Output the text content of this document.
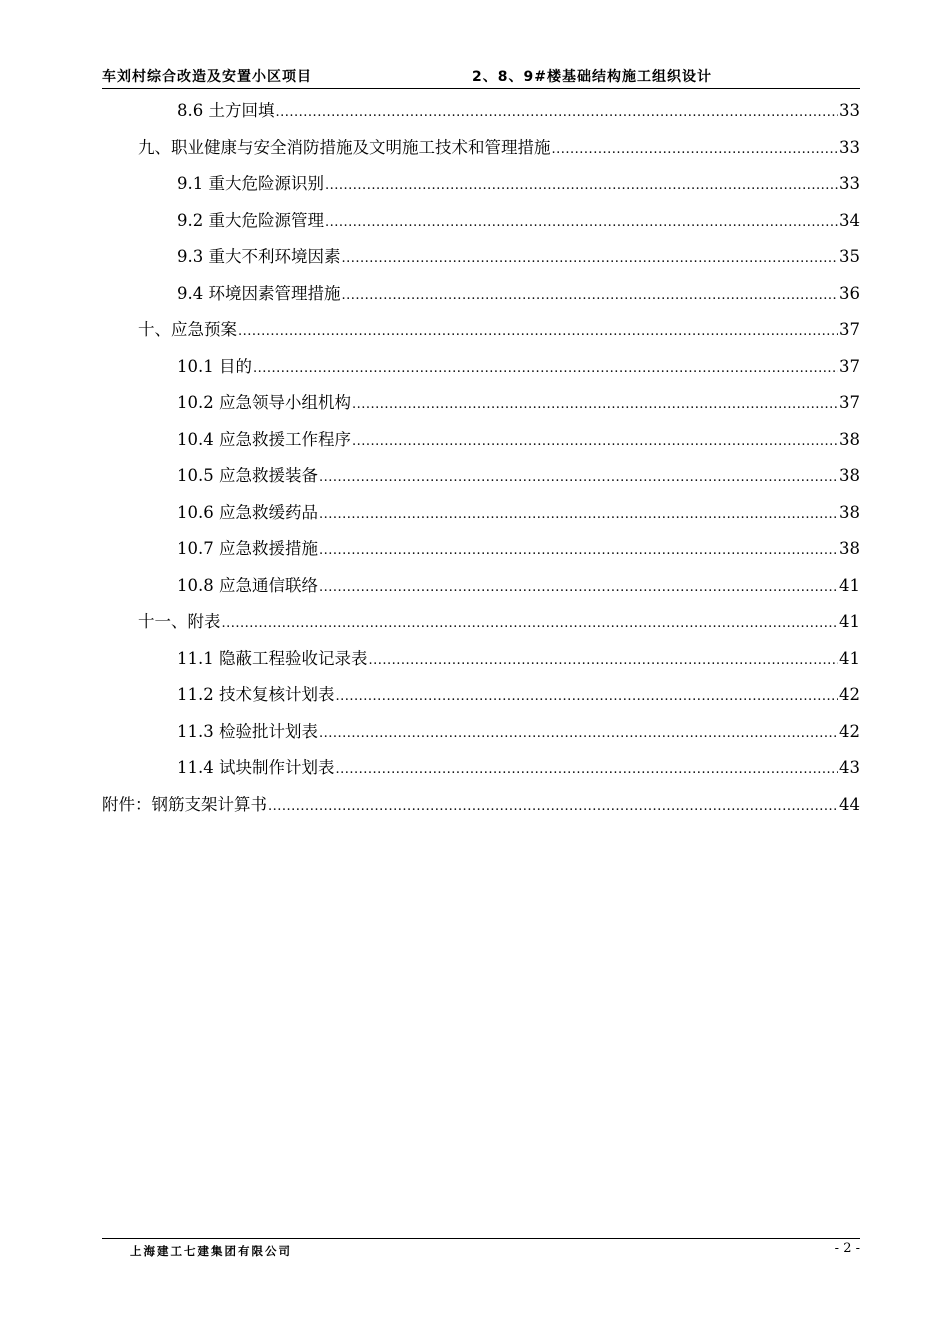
车刘村综合改造及安置小区项目	2、8、9#楼基础结构施工组织设计
8.6 土方回填 .....	33
九、职业健康与安全消防措施及文明施工技术和管理措施 .....	33
9.1 重大危险源识别 .....	33
9.2 重大危险源管理 .....	34
9.3 重大不利环境因素 .....	35
9.4 环境因素管理措施 .....	36
十、应急预案 .....	37
10.1 目的 .....	37
10.2 应急领导小组机构 .....	37
10.4 应急救援工作程序 .....	38
10.5 应急救援装备 .....	38
10.6 应急救缓药品 .....	38
10.7 应急救援措施 .....	38
10.8 应急通信联络 .....	41
十一、附表 .....	41
11.1 隐蔽工程验收记录表 .....	41
11.2 技术复核计划表 .....	42
11.3 检验批计划表 .....	42
11.4 试块制作计划表 .....	43
附件：钢筋支架计算书 .....	44
上海建工七建集团有限公司	- 2 -
